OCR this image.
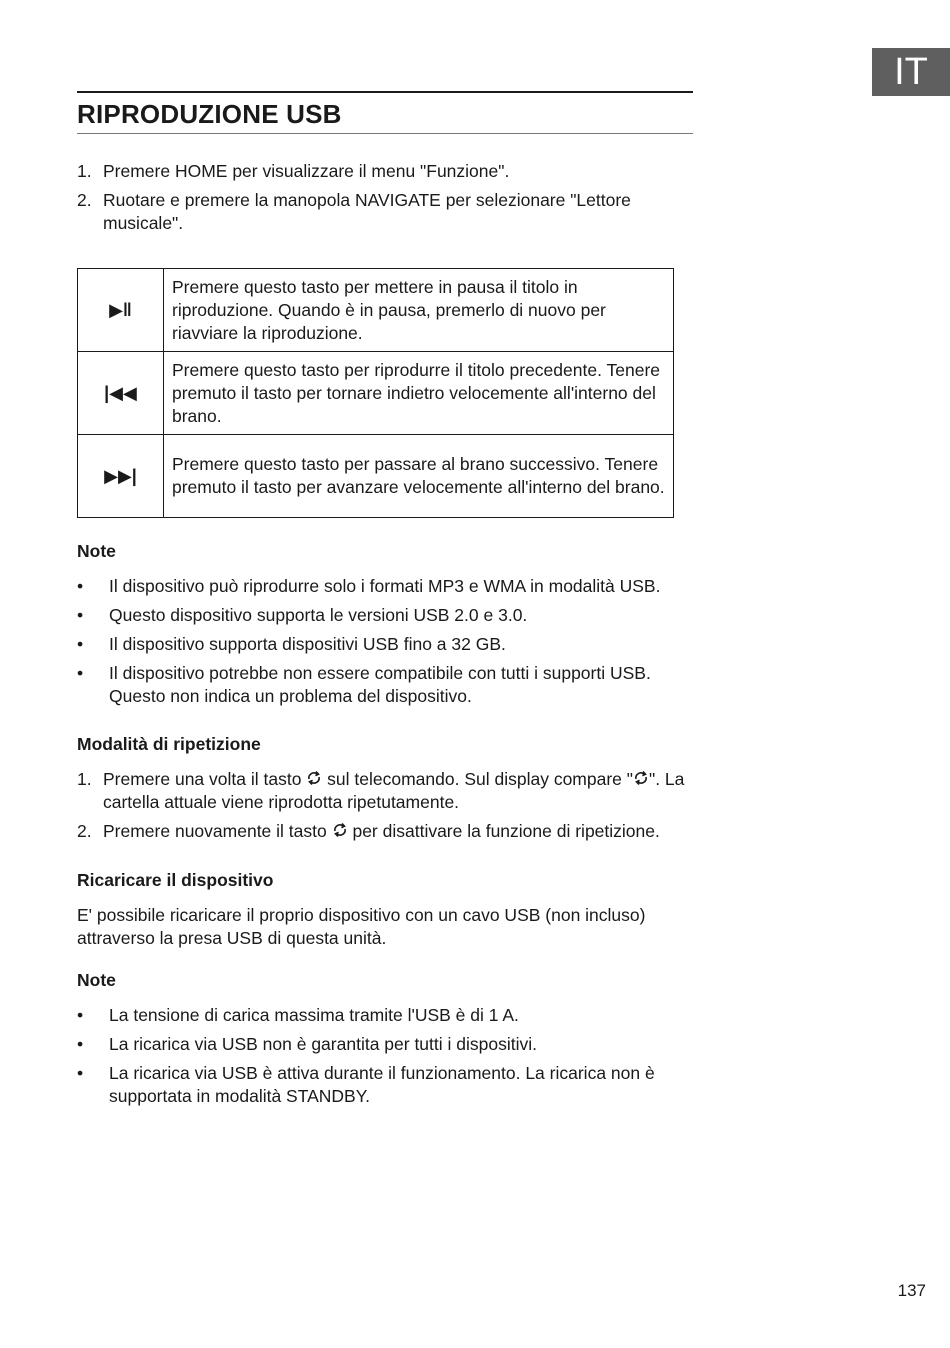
IT
RIPRODUZIONE USB
1. Premere HOME per visualizzare il menu "Funzione".
2. Ruotare e premere la manopola NAVIGATE per selezionare "Lettore musicale".
▶‖	Premere questo tasto per mettere in pausa il titolo in riproduzione. Quando è in pausa, premerlo di nuovo per riavviare la riproduzione.
|◀◀	Premere questo tasto per riprodurre il titolo precedente. Tenere premuto il tasto per tornare indietro velocemente all'interno del brano.
▶▶|	Premere questo tasto per passare al brano successivo. Tenere premuto il tasto per avanzare velocemente all'interno del brano.
Note
• Il dispositivo può riprodurre solo i formati MP3 e WMA in modalità USB.
• Questo dispositivo supporta le versioni USB 2.0 e 3.0.
• Il dispositivo supporta dispositivi USB fino a 32 GB.
• Il dispositivo potrebbe non essere compatibile con tutti i supporti USB. Questo non indica un problema del dispositivo.
Modalità di ripetizione
1. Premere una volta il tasto  sul telecomando. Sul display compare " ". La cartella attuale viene riprodotta ripetutamente.
2. Premere nuovamente il tasto  per disattivare la funzione di ripetizione.
Ricaricare il dispositivo
E' possibile ricaricare il proprio dispositivo con un cavo USB (non incluso) attraverso la presa USB di questa unità.
Note
• La tensione di carica massima tramite l'USB è di 1 A.
• La ricarica via USB non è garantita per tutti i dispositivi.
• La ricarica via USB è attiva durante il funzionamento. La ricarica non è supportata in modalità STANDBY.
137
